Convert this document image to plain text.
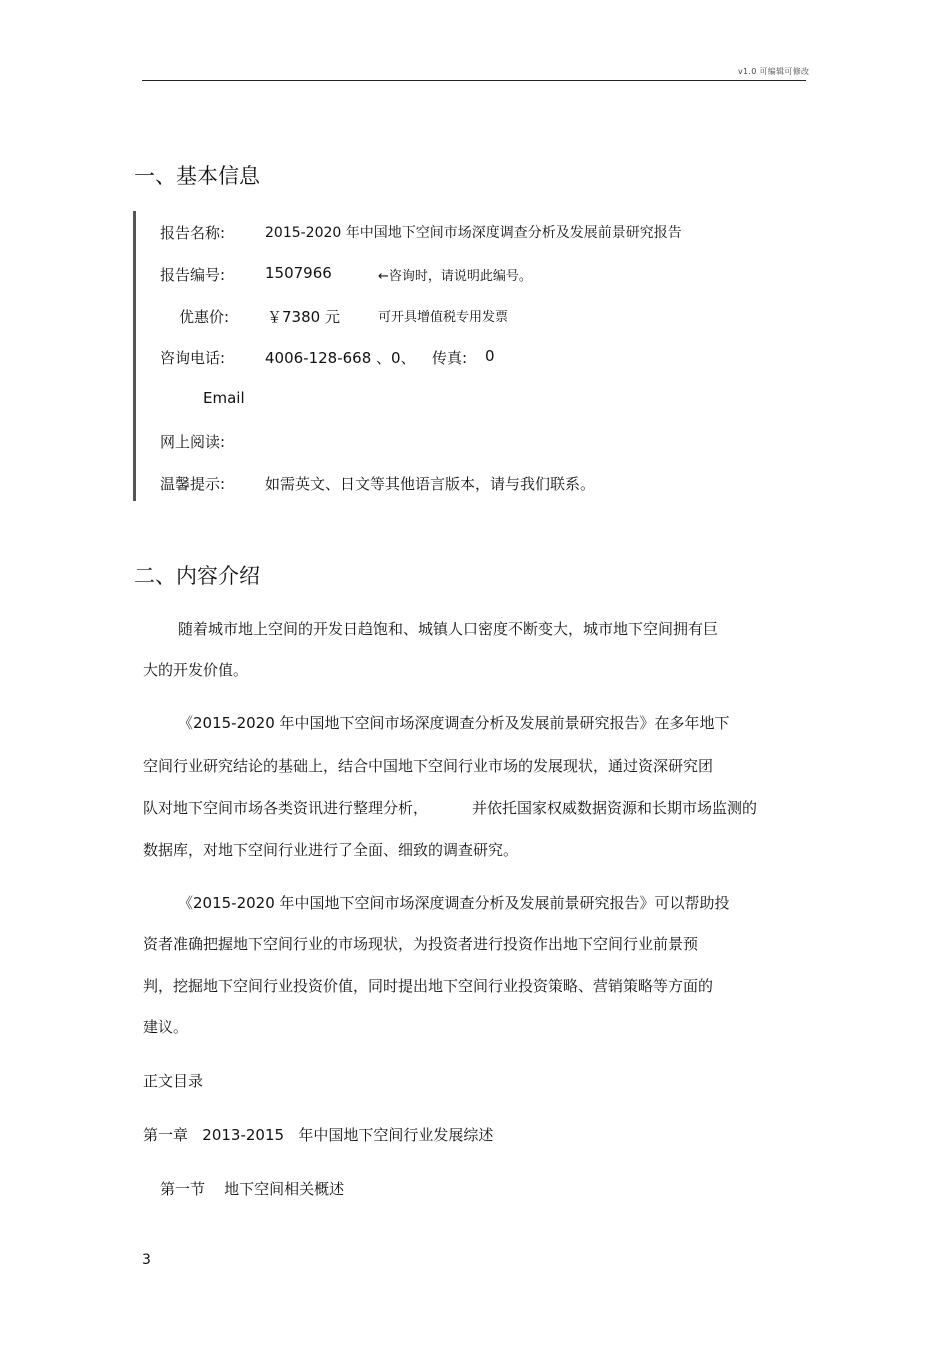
v1.0 可编辑可修改
一、基本信息
报告名称:	2015-2020 年中国地下空间市场深度调查分析及发展前景研究报告
报告编号:	1507966	←咨询时，请说明此编号。
优惠价:	￥7380 元	可开具增值税专用发票
咨询电话:	4006-128-668 、0、 传真: 0
Email
网上阅读:
温馨提示:	如需英文、日文等其他语言版本，请与我们联系。
二、内容介绍
随着城市地上空间的开发日趋饱和、城镇人口密度不断变大，城市地下空间拥有巨
大的开发价值。
《2015-2020 年中国地下空间市场深度调查分析及发展前景研究报告》在多年地下
空间行业研究结论的基础上，结合中国地下空间行业市场的发展现状，通过资深研究团
队对地下空间市场各类资讯进行整理分析，	并依托国家权威数据资源和长期市场监测的
数据库，对地下空间行业进行了全面、细致的调查研究。
《2015-2020 年中国地下空间市场深度调查分析及发展前景研究报告》可以帮助投
资者准确把握地下空间行业的市场现状，为投资者进行投资作出地下空间行业前景预
判，挖掘地下空间行业投资价值，同时提出地下空间行业投资策略、营销策略等方面的
建议。
正文目录
第一章   2013-2015   年中国地下空间行业发展综述
第一节    地下空间相关概述
3
